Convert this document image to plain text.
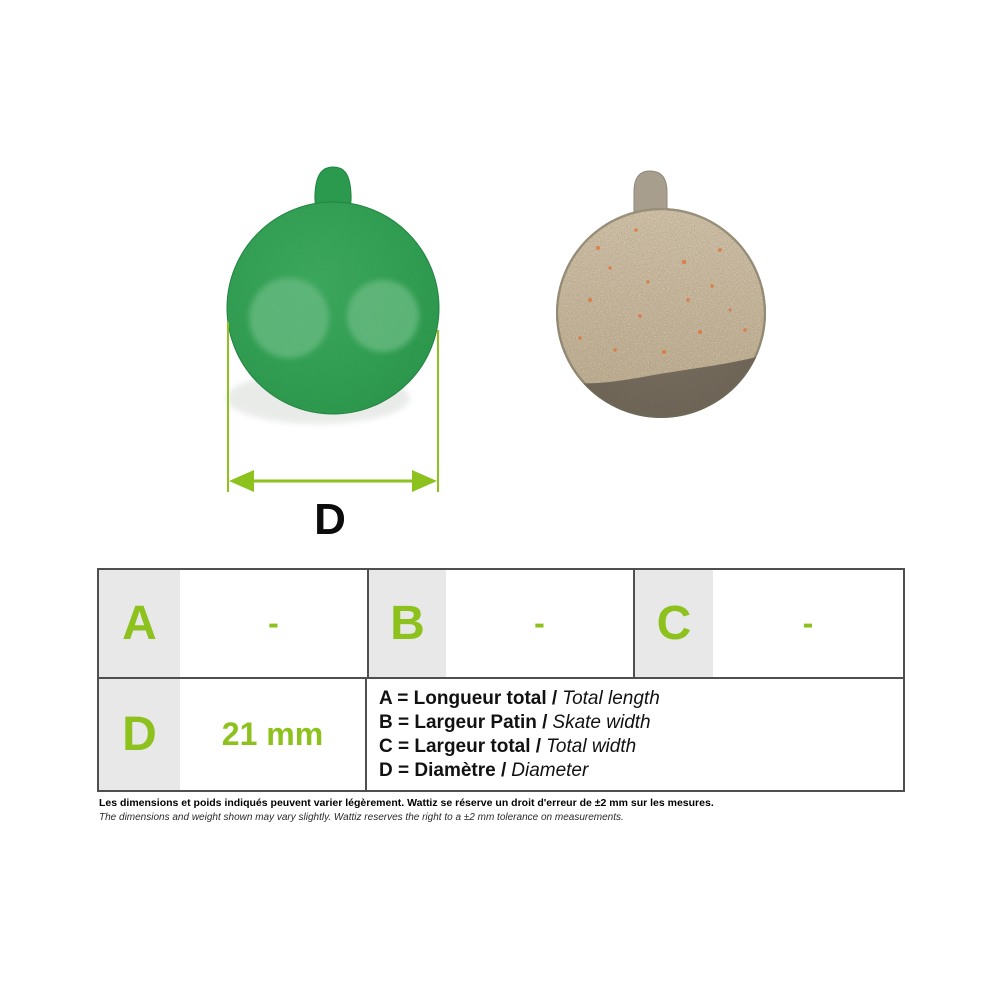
D
A	-	B	-	C	-
D	21 mm
A = Longueur total / Total length
B = Largeur Patin / Skate width
C = Largeur total / Total width
D = Diamètre / Diameter
Les dimensions et poids indiqués peuvent varier légèrement. Wattiz se réserve un droit d'erreur de ±2 mm sur les mesures.
The dimensions and weight shown may vary slightly. Wattiz reserves the right to a ±2 mm tolerance on measurements.
